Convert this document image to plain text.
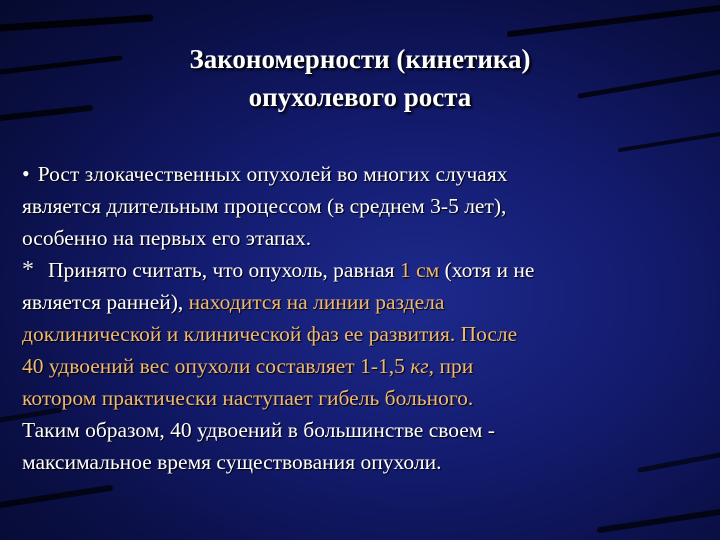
Закономерности (кинетика)
опухолевого роста
• Рост злокачественных опухолей во многих случаях
является длительным процессом (в среднем 3-5 лет),
особенно на первых его этапах.
* Принято считать, что опухоль, равная 1 см (хотя и не
является ранней), находится на линии раздела
доклинической и клинической фаз ее развития. После
40 удвоений вес опухоли составляет 1-1,5 кг, при
котором практически наступает гибель больного.
Таким образом, 40 удвоений в большинстве своем -
максимальное время существования опухоли.
